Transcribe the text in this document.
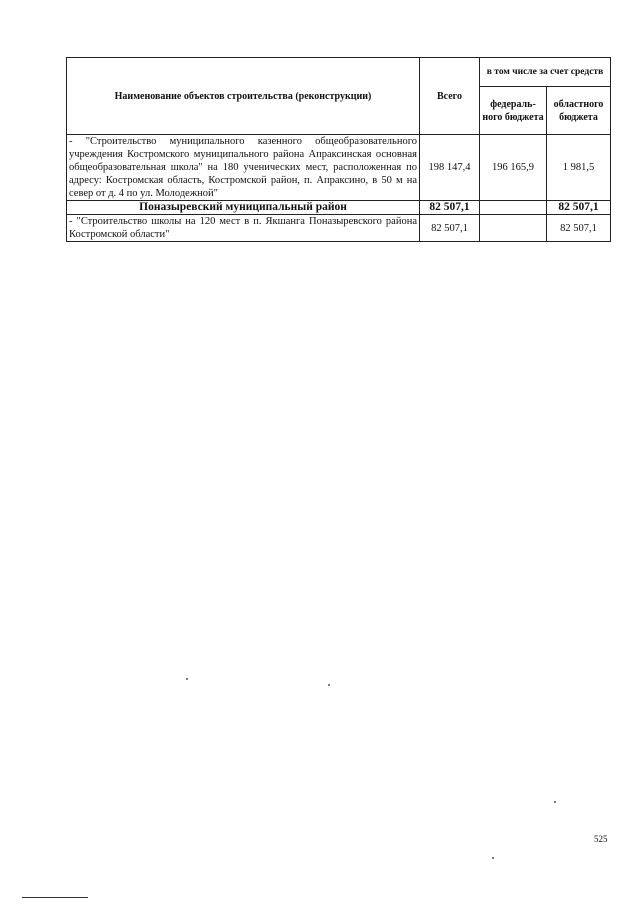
Наименование объектов строительства (реконструкции)	Всего	в том числе за счет средств	
		федераль-ного бюджета	областного бюджета
- "Строительство муниципального казенного общеобразовательного учреждения Костромского муниципального района Апраксинская основная общеобразовательная школа" на 180 ученических мест, расположенная по адресу: Костромская область, Костромской район, п. Апраксино, в 50 м на север от д. 4 по ул. Молодежной"	198 147,4	196 165,9	1 981,5
Поназыревский муниципальный район	82 507,1		82 507,1
- "Строительство школы на 120 мест в п. Якшанга Поназыревского района Костромской области"	82 507,1		82 507,1
525
